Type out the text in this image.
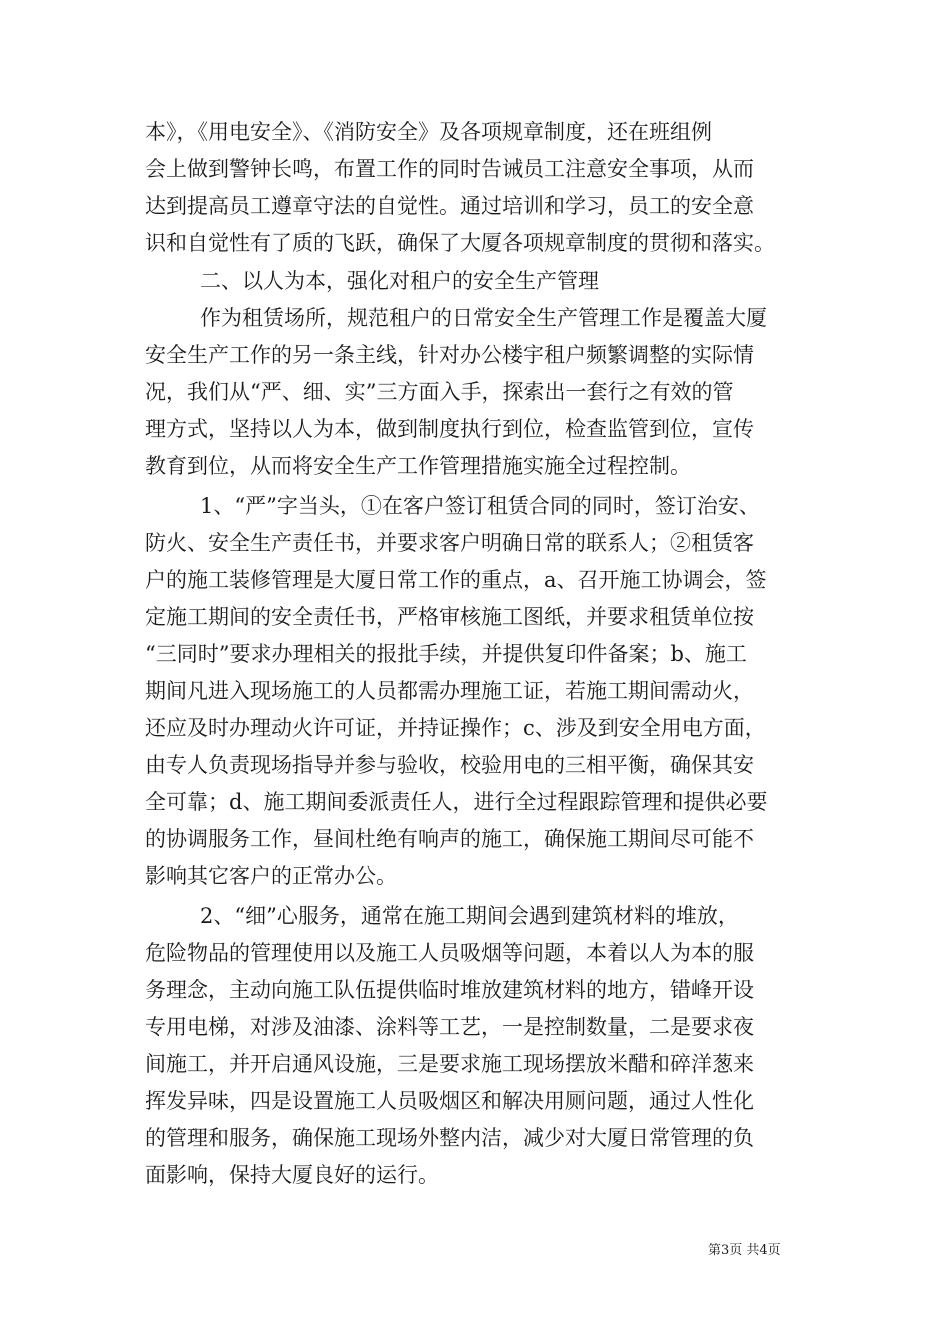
本》，《用电安全》、《消防安全》及各项规章制度，还在班组例
会上做到警钟长鸣，布置工作的同时告诫员工注意安全事项，从而
达到提高员工遵章守法的自觉性。通过培训和学习，员工的安全意
识和自觉性有了质的飞跃，确保了大厦各项规章制度的贯彻和落实。
二、以人为本，强化对租户的安全生产管理
作为租赁场所，规范租户的日常安全生产管理工作是覆盖大厦
安全生产工作的另一条主线，针对办公楼宇租户频繁调整的实际情
况，我们从“严、细、实”三方面入手，探索出一套行之有效的管
理方式，坚持以人为本，做到制度执行到位，检查监管到位，宣传
教育到位，从而将安全生产工作管理措施实施全过程控制。
1、“严”字当头，①在客户签订租赁合同的同时，签订治安、
防火、安全生产责任书，并要求客户明确日常的联系人；②租赁客
户的施工装修管理是大厦日常工作的重点，a、召开施工协调会，签
定施工期间的安全责任书，严格审核施工图纸，并要求租赁单位按
“三同时”要求办理相关的报批手续，并提供复印件备案；b、施工
期间凡进入现场施工的人员都需办理施工证，若施工期间需动火，
还应及时办理动火许可证，并持证操作；c、涉及到安全用电方面，
由专人负责现场指导并参与验收，校验用电的三相平衡，确保其安
全可靠；d、施工期间委派责任人，进行全过程跟踪管理和提供必要
的协调服务工作，昼间杜绝有响声的施工，确保施工期间尽可能不
影响其它客户的正常办公。
2、“细”心服务，通常在施工期间会遇到建筑材料的堆放，
危险物品的管理使用以及施工人员吸烟等问题，本着以人为本的服
务理念，主动向施工队伍提供临时堆放建筑材料的地方，错峰开设
专用电梯，对涉及油漆、涂料等工艺，一是控制数量，二是要求夜
间施工，并开启通风设施，三是要求施工现场摆放米醋和碎洋葱来
挥发异味，四是设置施工人员吸烟区和解决用厕问题，通过人性化
的管理和服务，确保施工现场外整内洁，减少对大厦日常管理的负
面影响，保持大厦良好的运行。
第3页 共4页
